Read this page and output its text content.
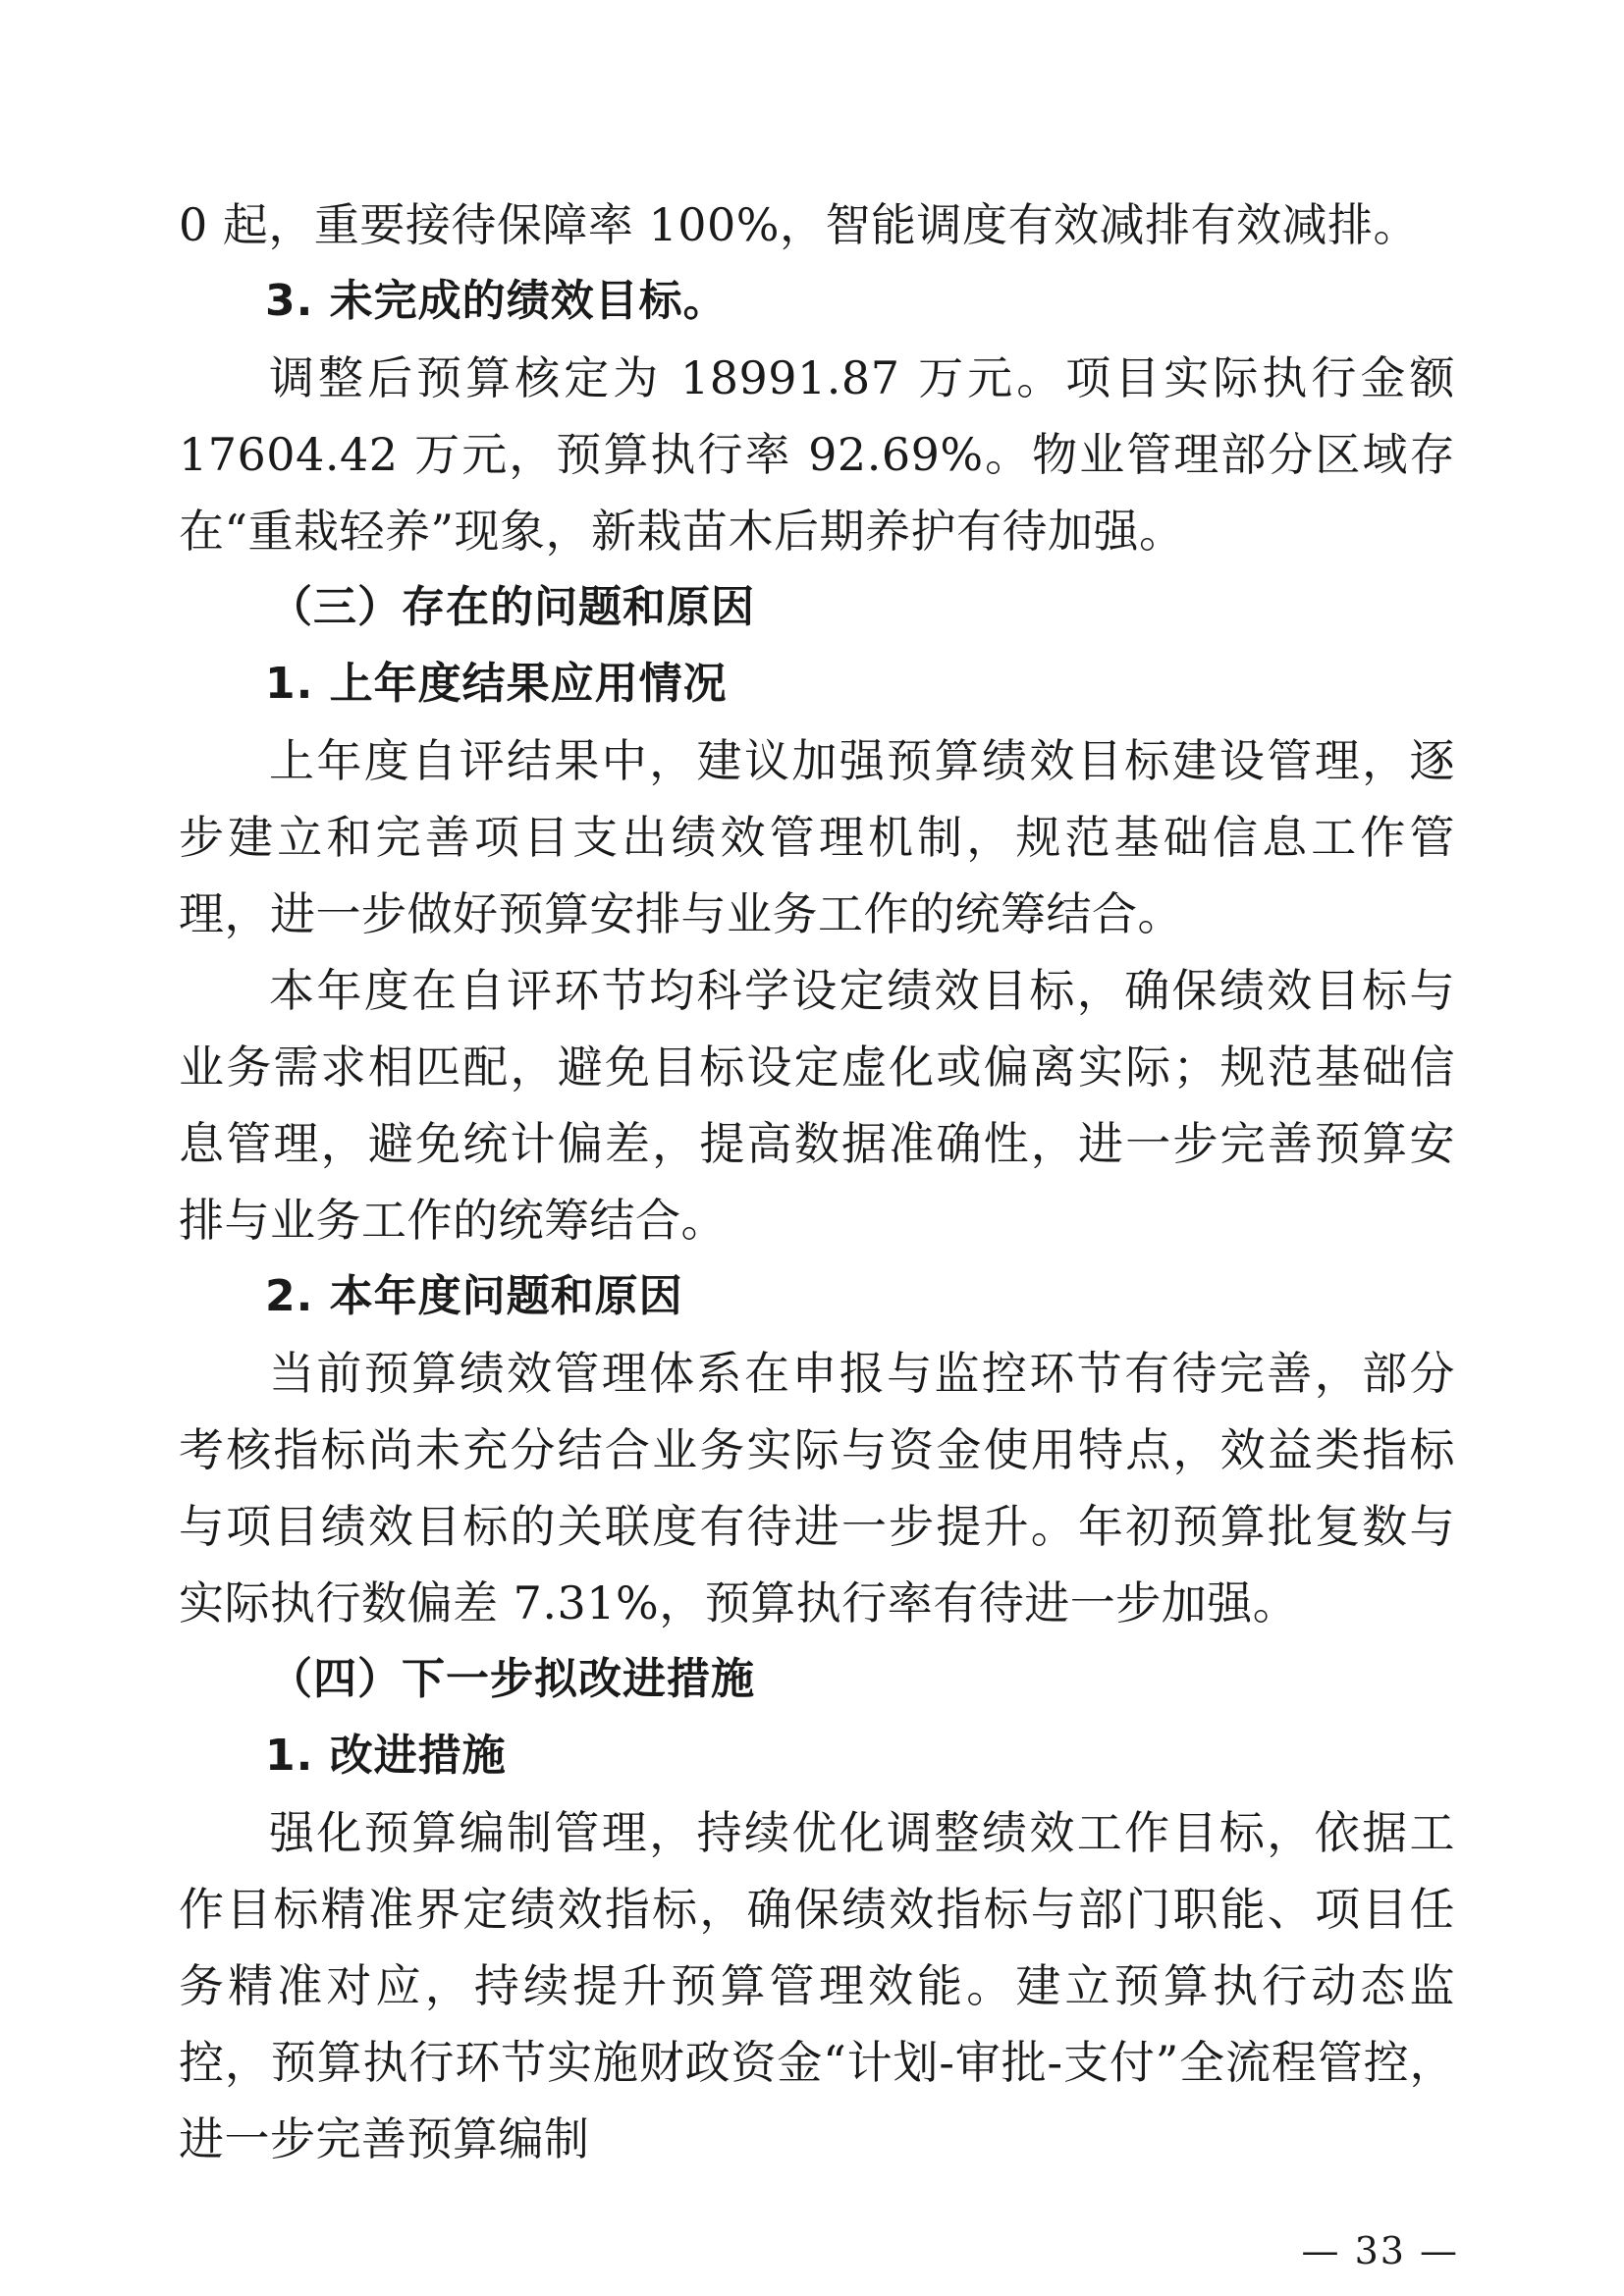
0 起，重要接待保障率 100%，智能调度有效减排有效减排。

3. 未完成的绩效目标。

调整后预算核定为 18991.87 万元。项目实际执行金额 17604.42 万元，预算执行率 92.69%。物业管理部分区域存在“重栽轻养”现象，新栽苗木后期养护有待加强。

（三）存在的问题和原因

1. 上年度结果应用情况

上年度自评结果中，建议加强预算绩效目标建设管理，逐步建立和完善项目支出绩效管理机制，规范基础信息工作管理，进一步做好预算安排与业务工作的统筹结合。

本年度在自评环节均科学设定绩效目标，确保绩效目标与业务需求相匹配，避免目标设定虚化或偏离实际；规范基础信息管理，避免统计偏差，提高数据准确性，进一步完善预算安排与业务工作的统筹结合。

2. 本年度问题和原因

当前预算绩效管理体系在申报与监控环节有待完善，部分考核指标尚未充分结合业务实际与资金使用特点，效益类指标与项目绩效目标的关联度有待进一步提升。年初预算批复数与实际执行数偏差 7.31%，预算执行率有待进一步加强。

（四）下一步拟改进措施

1. 改进措施

强化预算编制管理，持续优化调整绩效工作目标，依据工作目标精准界定绩效指标，确保绩效指标与部门职能、项目任务精准对应，持续提升预算管理效能。建立预算执行动态监控，预算执行环节实施财政资金“计划-审批-支付”全流程管控，进一步完善预算编制

— 33 —
